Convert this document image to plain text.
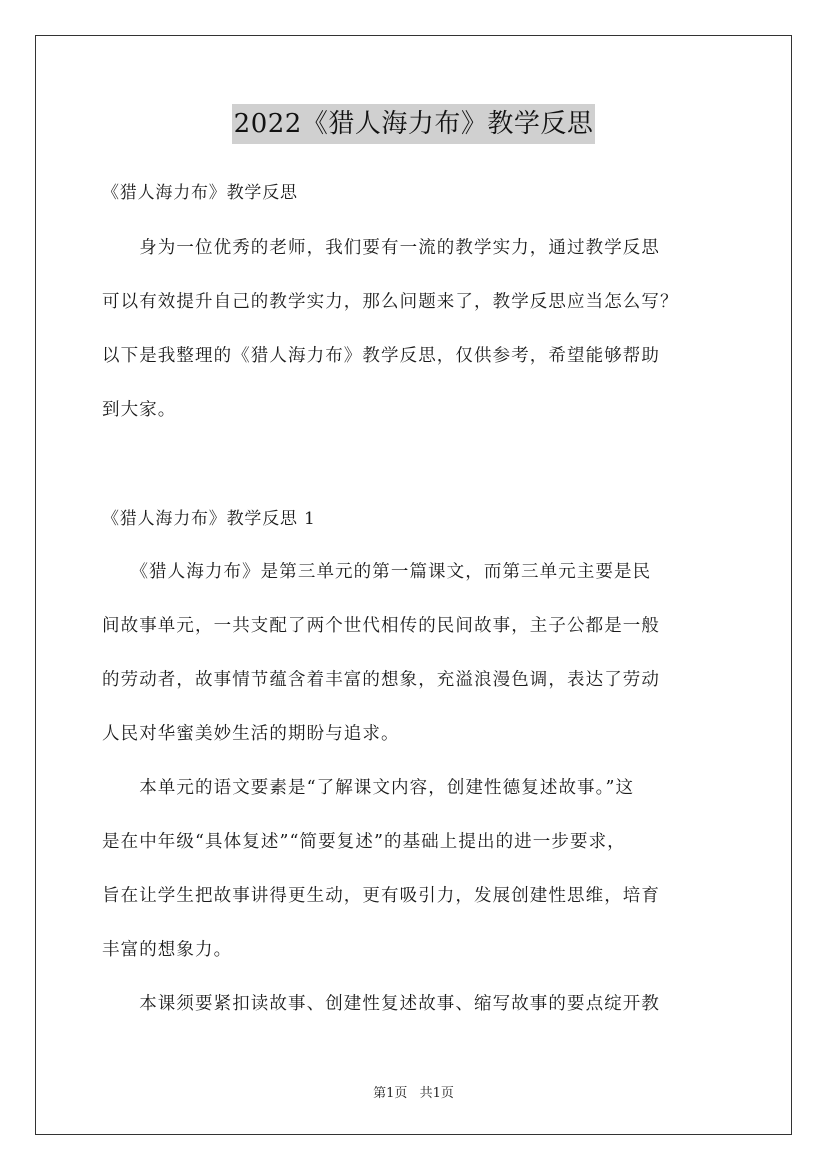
2022《猎人海力布》教学反思
《猎人海力布》教学反思
　　身为一位优秀的老师，我们要有一流的教学实力，通过教学反思
可以有效提升自己的教学实力，那么问题来了，教学反思应当怎么写？
以下是我整理的《猎人海力布》教学反思，仅供参考，希望能够帮助
到大家。
《猎人海力布》教学反思 1
　　《猎人海力布》是第三单元的第一篇课文，而第三单元主要是民
间故事单元，一共支配了两个世代相传的民间故事，主子公都是一般
的劳动者，故事情节蕴含着丰富的想象，充溢浪漫色调，表达了劳动
人民对华蜜美妙生活的期盼与追求。
　　本单元的语文要素是“了解课文内容，创建性德复述故事。”这
是在中年级“具体复述”“简要复述”的基础上提出的进一步要求，
旨在让学生把故事讲得更生动，更有吸引力，发展创建性思维，培育
丰富的想象力。
　　本课须要紧扣读故事、创建性复述故事、缩写故事的要点绽开教
第1页 共1页
